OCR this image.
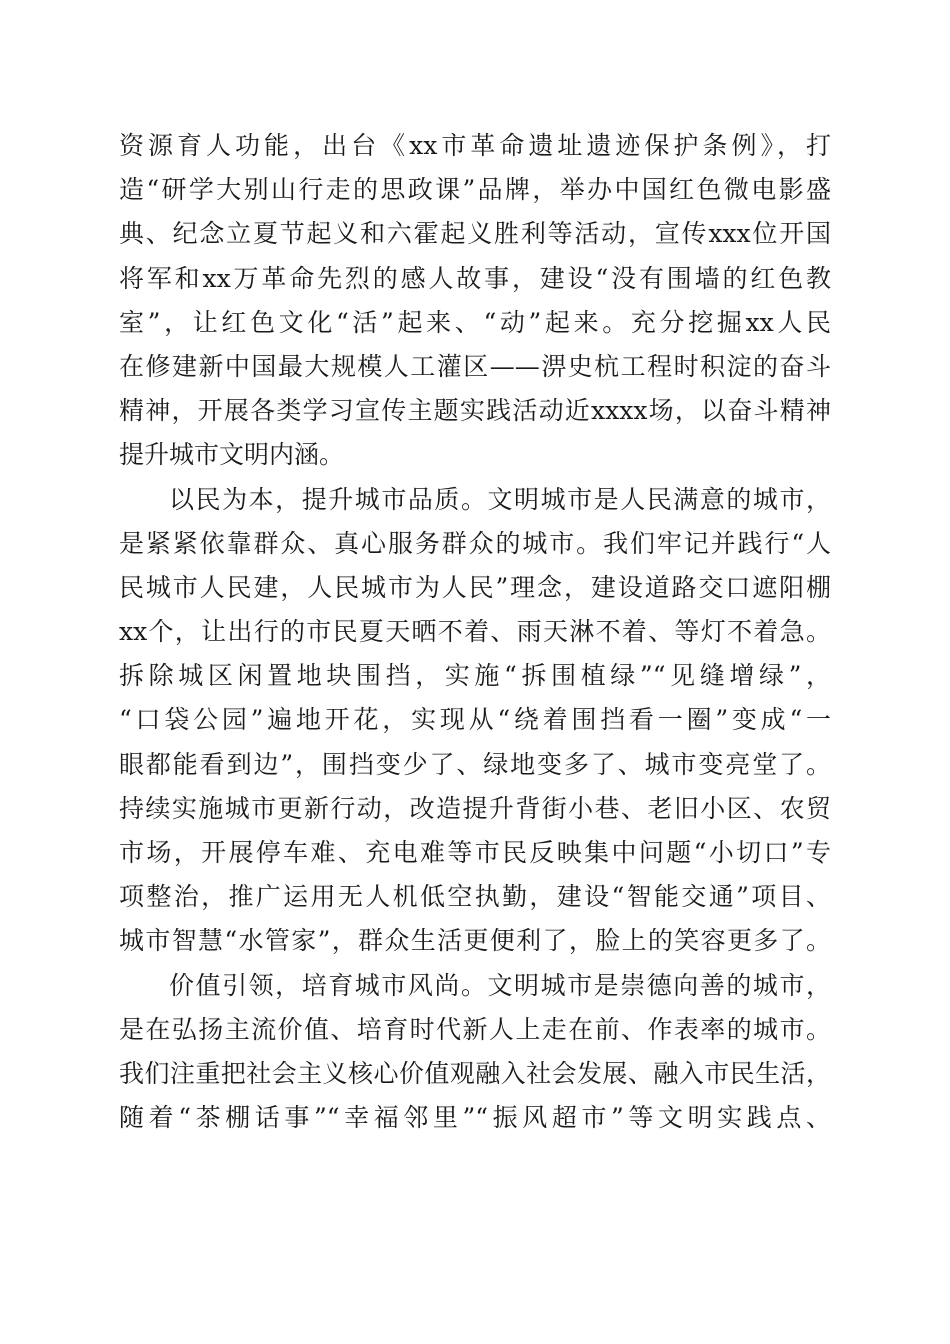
资源育人功能，出台《xx市革命遗址遗迹保护条例》，打
造“研学大别山行走的思政课”品牌，举办中国红色微电影盛
典、纪念立夏节起义和六霍起义胜利等活动，宣传xxx位开国
将军和xx万革命先烈的感人故事，建设“没有围墙的红色教
室”，让红色文化“活”起来、“动”起来。充分挖掘xx人民
在修建新中国最大规模人工灌区——淠史杭工程时积淀的奋斗
精神，开展各类学习宣传主题实践活动近xxxx场，以奋斗精神
提升城市文明内涵。
以民为本，提升城市品质。文明城市是人民满意的城市，
是紧紧依靠群众、真心服务群众的城市。我们牢记并践行“人
民城市人民建，人民城市为人民”理念，建设道路交口遮阳棚
xx个，让出行的市民夏天晒不着、雨天淋不着、等灯不着急。
拆除城区闲置地块围挡，实施“拆围植绿”“见缝增绿”，
“口袋公园”遍地开花，实现从“绕着围挡看一圈”变成“一
眼都能看到边”，围挡变少了、绿地变多了、城市变亮堂了。
持续实施城市更新行动，改造提升背街小巷、老旧小区、农贸
市场，开展停车难、充电难等市民反映集中问题“小切口”专
项整治，推广运用无人机低空执勤，建设“智能交通”项目、
城市智慧“水管家”，群众生活更便利了，脸上的笑容更多了。
价值引领，培育城市风尚。文明城市是崇德向善的城市，
是在弘扬主流价值、培育时代新人上走在前、作表率的城市。
我们注重把社会主义核心价值观融入社会发展、融入市民生活，
随着“茶棚话事”“幸福邻里”“振风超市”等文明实践点、
